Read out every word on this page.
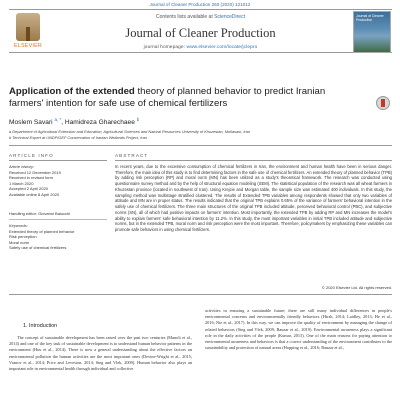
Journal of Cleaner Production 260 (2020) 121012
ELSEVIER
Contents lists available at ScienceDirect
Journal of Cleaner Production
journal homepage: www.elsevier.com/locate/jclepro
Journal of Cleaner Production
Application of the extended theory of planned behavior to predict Iranian farmers' intention for safe use of chemical fertilizers
Moslem Savari $^{a, *}$, Hamidreza Gharechaee $^b$
a Department of Agricultural Extension and Education, Agricultural Sciences and Natural Resources University of Khuzestan, Mollasani, Iran
b Technical Expert at UNDP/GEF Conservation of Iranian Wetlands Project, Iran
ARTICLE INFO	ABSTRACT
Article history:
Received 12 December 2019
Received in revised form
1 March 2020
Accepted 2 April 2020
Available online 8 April 2020
Handling editor: Giovanni Baiocchi
Keywords:
Extended theory of planned behavior
Risk perception
Moral norm
Safety use of chemical fertilizers
In recent years, due to the excessive consumption of chemical fertilizers in Iran, the environment and human health have been in serious danger. Therefore, the main idea of this study is to find determining factors in the safe use of chemical fertilizers. An extended theory of planned behavior (TPB) by adding risk perception (RP) and moral norm (MN) has been utilized as a study's theoretical framework. The research was conducted using questionnaire survey method and by the help of structural equation modeling (SEM). The statistical population of the research was all wheat farmers in Khuzestan province (located in southwest of Iran). Using Krejcie and Morgan table, the sample size was estimated 400 individuals. In this study, the sampling method was multistage stratified clustered. The results of Extended TPB variables among respondents showed that only two variables of attitude and MN are in proper status. The results indicated that the original TPB explains 0.65% of the variance of farmers' behavioral intention in the safely use of chemical fertilizers. The three main structures of the original TPB included attitude, perceived behavioral control (PBC), and subjective norms (SN), all of which had positive impacts on farmers' intention. Most importantly, the extended TPB by adding RP and MN increases the model's ability to explain farmers' safe behavioral intention by 11.2%. In this study, the most important variables in initial TPB included attitude and subjective norms, but in the extended TPB, moral norm and risk perception were the most important. Therefore, policymakers by emphasizing these variables can promote safe behaviors in using chemical fertilizers.
© 2020 Elsevier Ltd. All rights reserved.
1. Introduction

The concept of sustainable development has been raised over the past two centuries (Manoli et al., 2014) and one of the key task of sustainable development is to understand human behavior patterns in the environment (Hou et al., 2014). There is now a general understanding about the effective factors on environmental pollution the human activities are the most important ones (Devine-Wright et al., 2015; Vranov et al., 2014; Price and Levesion, 2014; Steg and Vlek, 2009). Human behavior also plays an important role in environmental health through individual and collective

activities in ensuring a sustainable future; there are still many individual differences in people's environmental concerns and environmentally friendly behaviors (Hirsh, 2014; Laidley, 2013; He et al., 2016; Nie et al., 2017). In this way, we can improve the quality of environment by managing the change of related behaviors (Steg and Vlek, 2009; Bauzar et al., 2019). Environmental awareness plays a significant role in the daily activities of the people (Kumar, 2013). One of the main reasons for paying attention to environmental awareness and behaviors is that a correct understanding of the environment contributes to the sustainability and protection of natural areas (Hopping et al., 2016; Bauzar et al.,
